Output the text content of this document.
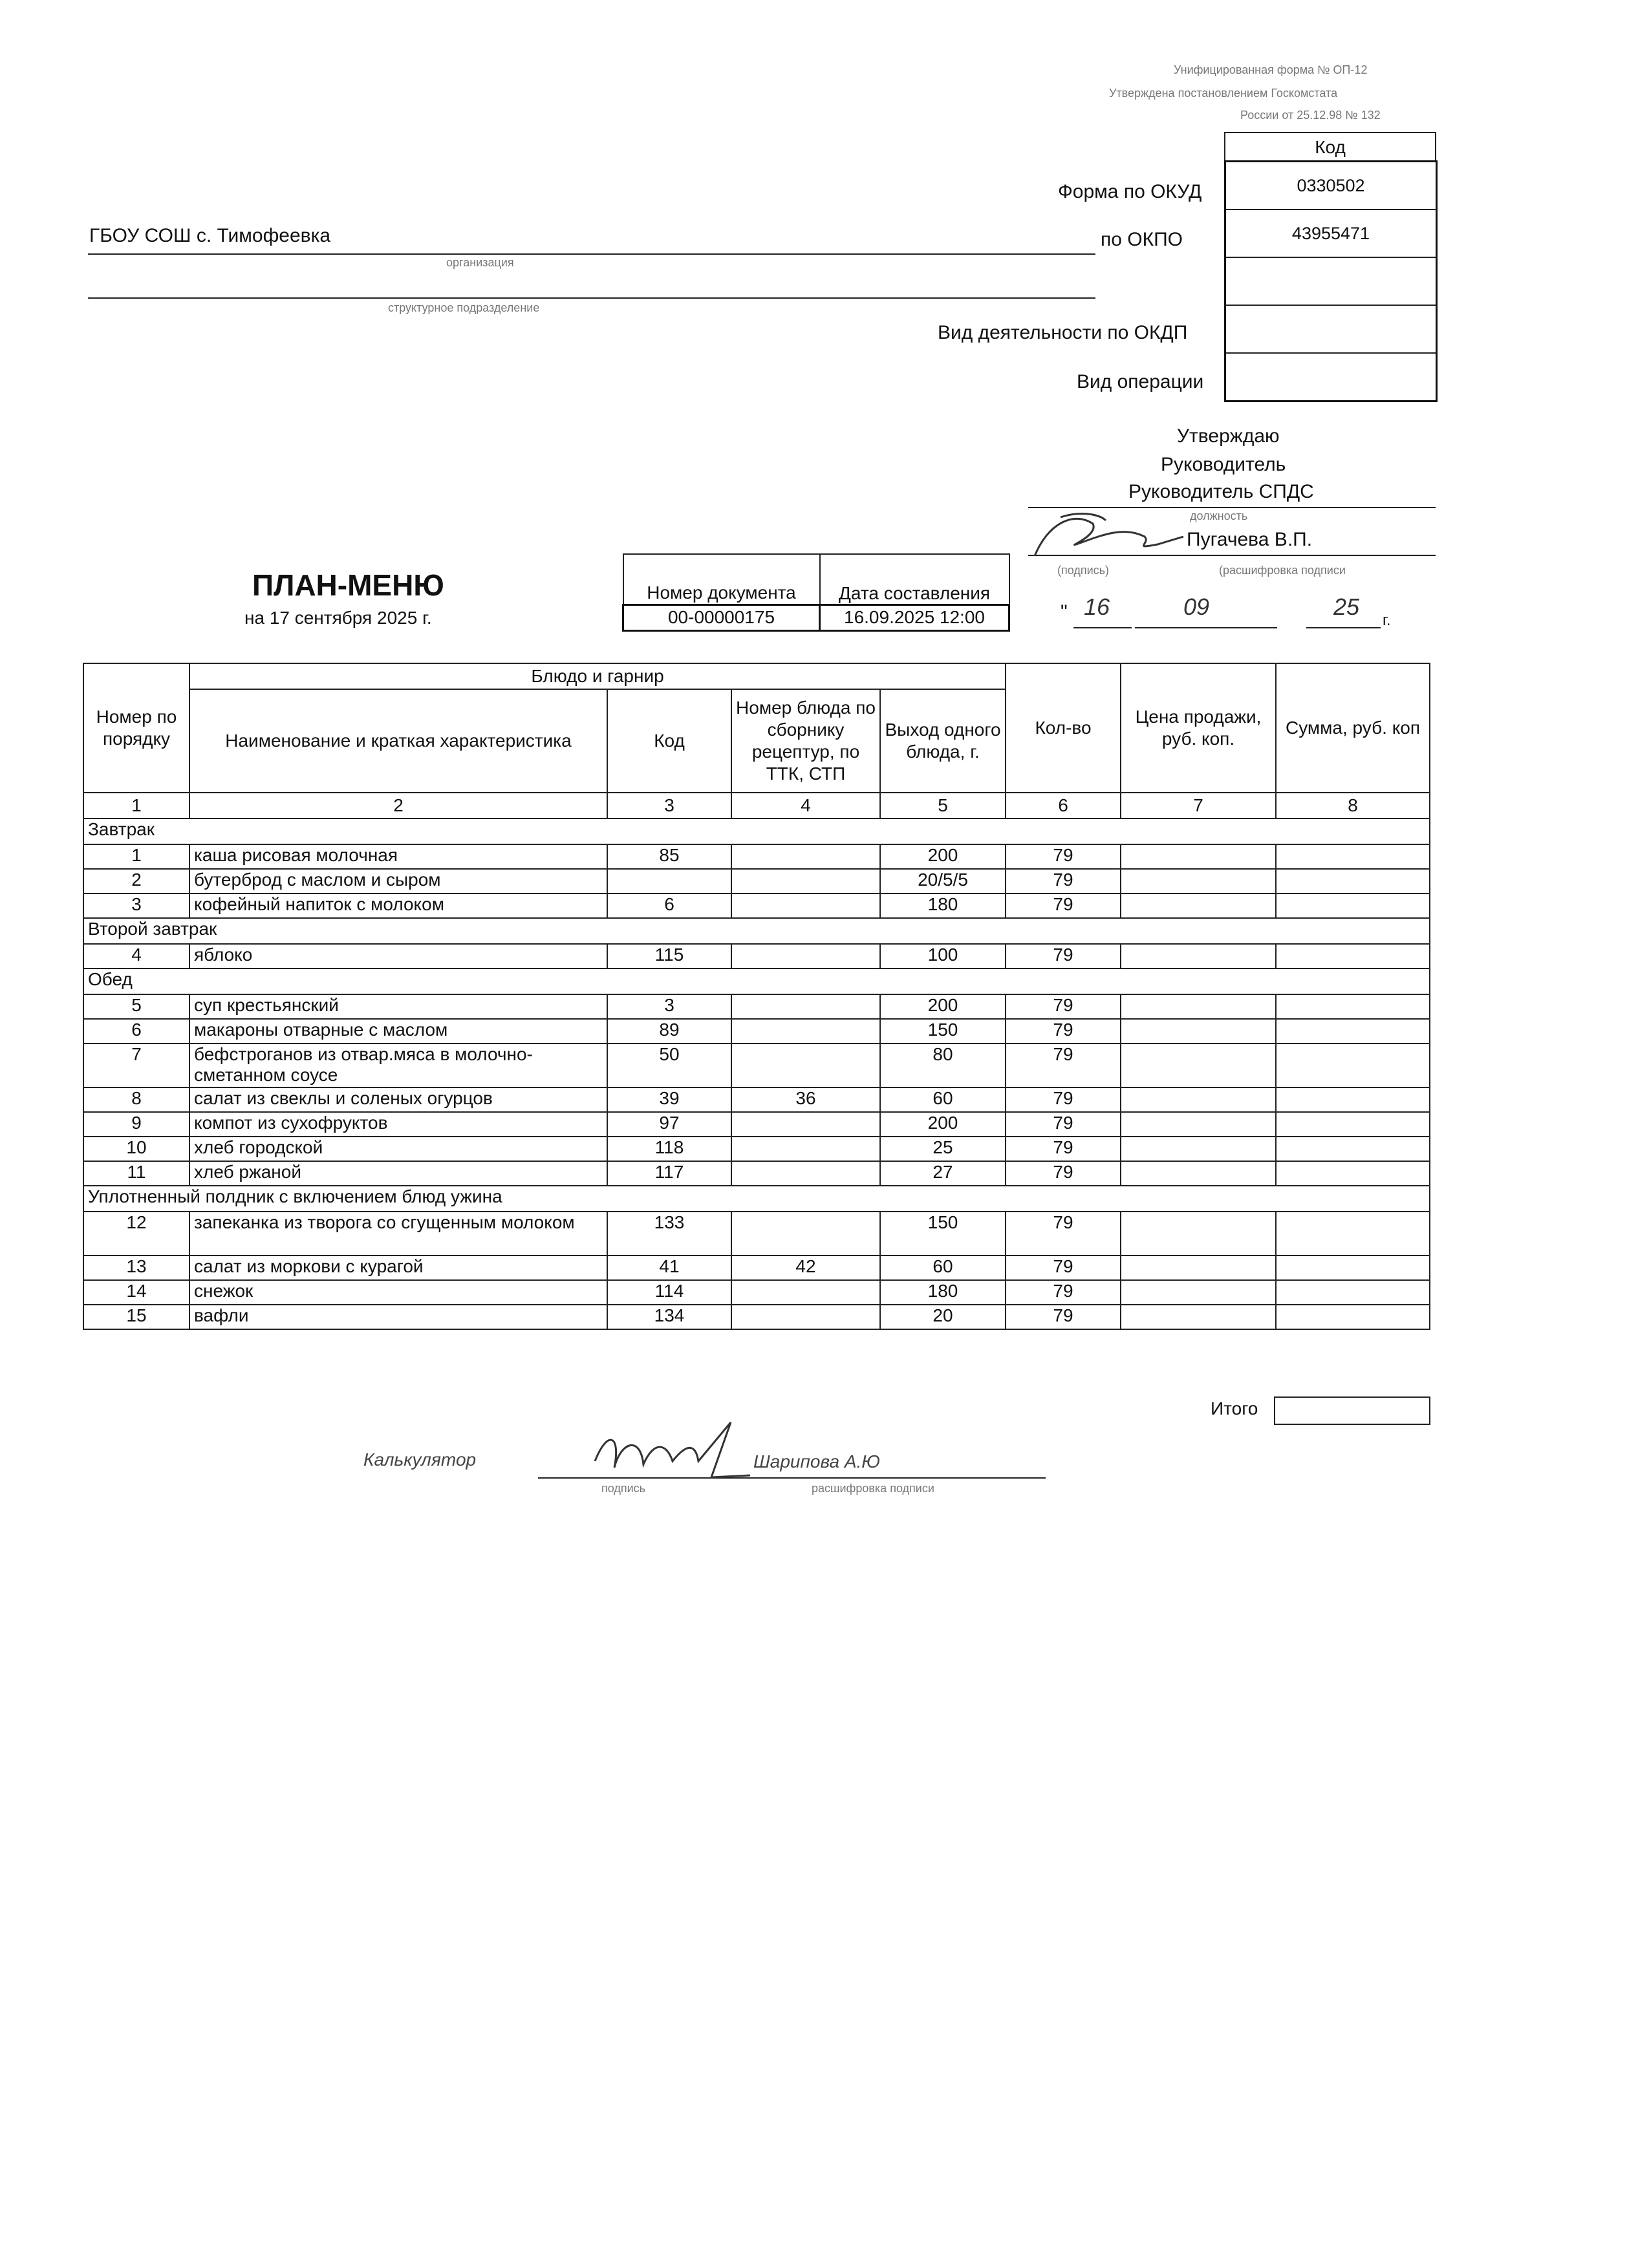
Унифицированная форма № ОП-12
Утверждена постановлением Госкомстата
России от 25.12.98 № 132
Код
0330502
43955471
Форма по ОКУД
по ОКПО
Вид деятельности по ОКДП
Вид операции
ГБОУ СОШ с. Тимофеевка
организация
структурное подразделение
Утверждаю
Руководитель
Руководитель СПДС
должность
Пугачева В.П.
(подпись)	(расшифровка подписи
" 16	09	25
г.
ПЛАН-МЕНЮ
на 17 сентября 2025 г.
Номер документа	Дата составления
00-00000175	16.09.2025 12:00
Номер по порядку	Блюдо и гарнир				Кол-во	Цена продажи, руб. коп.	Сумма, руб. коп
	Наименование и краткая характеристика	Код	Номер блюда по сборнику рецептур, по ТТК, СТП	Выход одного блюда, г.			
1	2	3	4	5	6	7	8
Завтрак							
1	каша рисовая молочная	85		200	79		
2	бутерброд с маслом и сыром			20/5/5	79		
3	кофейный напиток с молоком	6		180	79		
Второй завтрак							
4	яблоко	115		100	79		
Обед							
5	суп крестьянский	3		200	79		
6	макароны отварные с маслом	89		150	79		
7	бефстроганов из отвар.мяса в молочно-сметанном соусе	50		80	79		
8	салат из свеклы и соленых огурцов	39	36	60	79		
9	компот из сухофруктов	97		200	79		
10	хлеб городской	118		25	79		
11	хлеб ржаной	117		27	79		
Уплотненный полдник с включением блюд ужина							
12	запеканка из творога со сгущенным молоком	133		150	79		
13	салат из моркови с курагой	41	42	60	79		
14	снежок	114		180	79		
15	вафли	134		20	79		
Итого
Калькулятор	Шарипова А.Ю
подпись	расшифровка подписи
